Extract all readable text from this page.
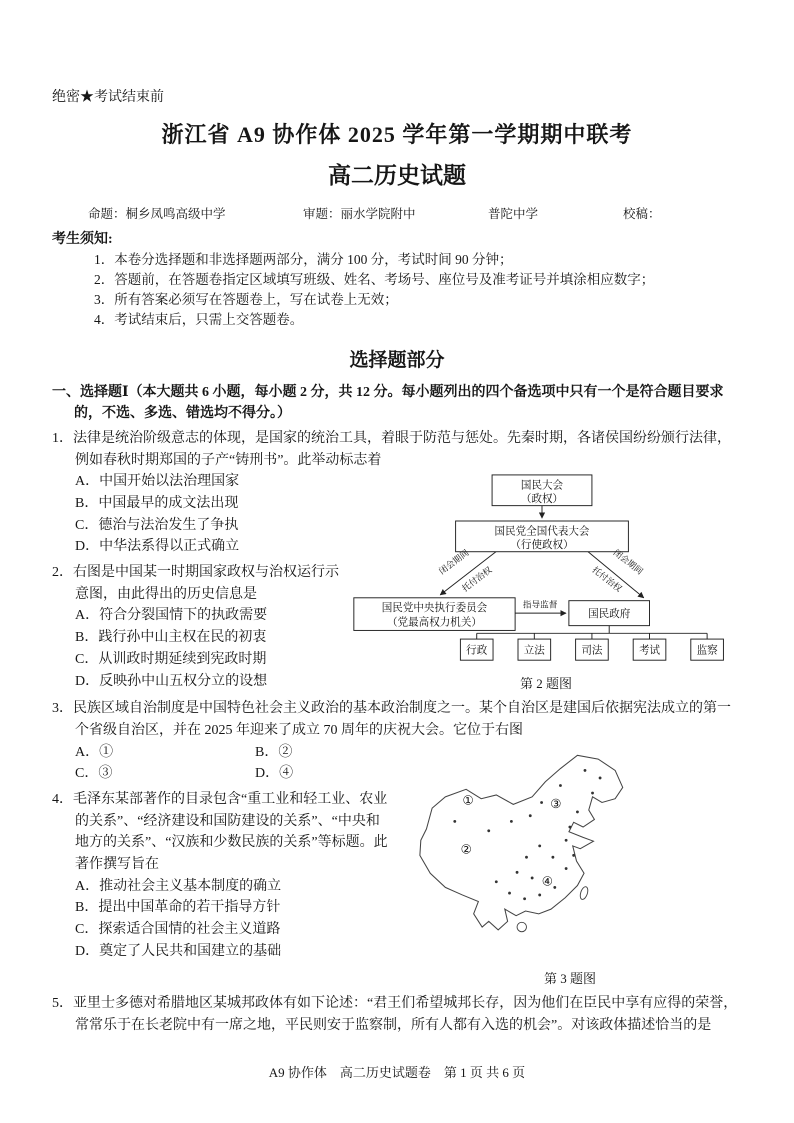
绝密★考试结束前
浙江省 A9 协作体 2025 学年第一学期期中联考
高二历史试题
命题：桐乡凤鸣高级中学	审题：丽水学院附中	普陀中学	校稿：
考生须知:
1．本卷分选择题和非选择题两部分，满分 100 分，考试时间 90 分钟；
2．答题前，在答题卷指定区域填写班级、姓名、考场号、座位号及准考证号并填涂相应数字；
3．所有答案必须写在答题卷上，写在试卷上无效；
4．考试结束后，只需上交答题卷。
选择题部分
一、选择题Ⅰ（本大题共 6 小题，每小题 2 分，共 12 分。每小题列出的四个备选项中只有一个是符合题目要求的，不选、多选、错选均不得分。）
1．法律是统治阶级意志的体现，是国家的统治工具，着眼于防范与惩处。先秦时期，各诸侯国纷纷颁行法律，例如春秋时期郑国的子产“铸刑书”。此举动标志着
国民大会
（政权）
国民党全国代表大会
（行使政权）
国民党中央执行委员会
（党最高权力机关）
国民政府
行政	立法	司法	考试	监察
闭会期间
托付治权
闭会期间
托付治权
指导监督
第 2 题图
A．中国开始以法治理国家
B．中国最早的成文法出现
C．德治与法治发生了争执
D．中华法系得以正式确立
2．右图是中国某一时期国家政权与治权运行示意图，由此得出的历史信息是
A．符合分裂国情下的执政需要
B．践行孙中山主权在民的初衷
C．从训政时期延续到宪政时期
D．反映孙中山五权分立的设想
3．民族区域自治制度是中国特色社会主义政治的基本政治制度之一。某个自治区是建国后依据宪法成立的第一个省级自治区，并在 2025 年迎来了成立 70 周年的庆祝大会。它位于右图
①
②
③
④
第 3 题图
A．①	B．②
C．③	D．④
4．毛泽东某部著作的目录包含“重工业和轻工业、农业的关系”、“经济建设和国防建设的关系”、“中央和地方的关系”、“汉族和少数民族的关系”等标题。此著作撰写旨在
A．推动社会主义基本制度的确立
B．提出中国革命的若干指导方针
C．探索适合国情的社会主义道路
D．奠定了人民共和国建立的基础
5．亚里士多德对希腊地区某城邦政体有如下论述：“君王们希望城邦长存，因为他们在臣民中享有应得的荣誉，常常乐于在长老院中有一席之地，平民则安于监察制，所有人都有入选的机会”。对该政体描述恰当的是
A9 协作体　高二历史试题卷　第 1 页 共 6 页
